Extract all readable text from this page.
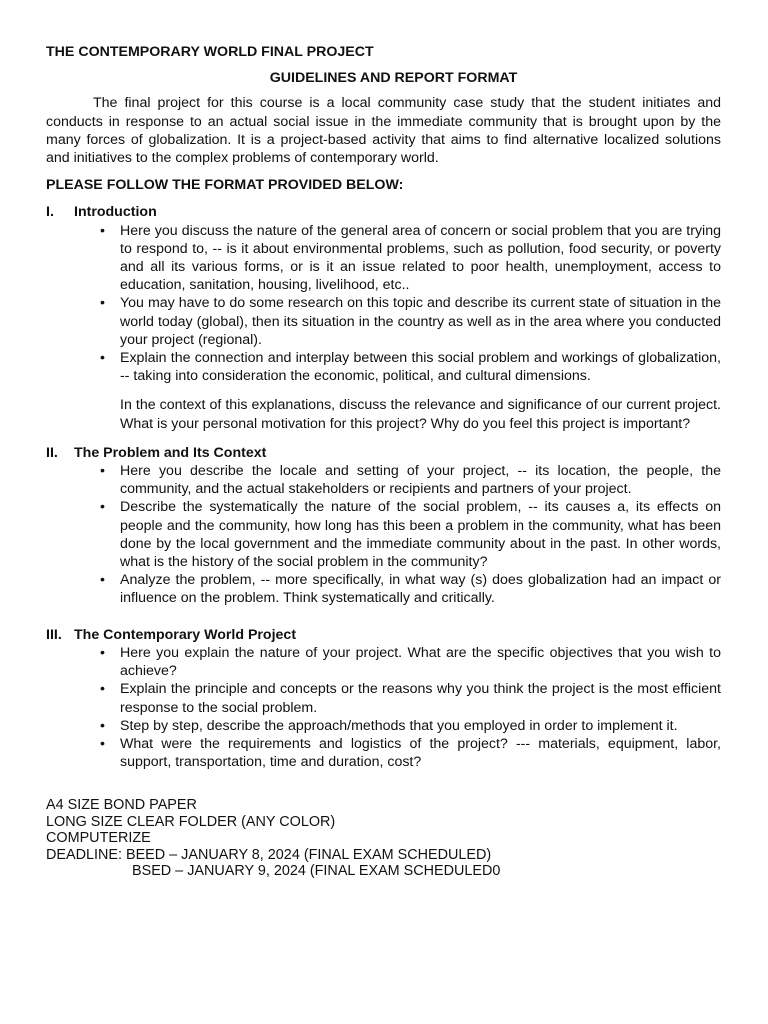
THE CONTEMPORARY WORLD FINAL PROJECT

GUIDELINES AND REPORT FORMAT

The final project for this course is a local community case study that the student initiates and conducts in response to an actual social issue in the immediate community that is brought upon by the many forces of globalization. It is a project-based activity that aims to find alternative localized solutions and initiatives to the complex problems of contemporary world.

PLEASE FOLLOW THE FORMAT PROVIDED BELOW:

I.	Introduction
•	Here you discuss the nature of the general area of concern or social problem that you are trying to respond to, -- is it about environmental problems, such as pollution, food security, or poverty and all its various forms, or is it an issue related to poor health, unemployment, access to education, sanitation, housing, livelihood, etc..
•	You may have to do some research on this topic and describe its current state of situation in the world today (global), then its situation in the country as well as in the area where you conducted your project (regional).
•	Explain the connection and interplay between this social problem and workings of globalization, -- taking into consideration the economic, political, and cultural dimensions.

In the context of this explanations, discuss the relevance and significance of our current project. What is your personal motivation for this project? Why do you feel this project is important?

II.	The Problem and Its Context
•	Here you describe the locale and setting of your project, -- its location, the people, the community, and the actual stakeholders or recipients and partners of your project.
•	Describe the systematically the nature of the social problem, -- its causes a, its effects on people and the community, how long has this been a problem in the community, what has been done by the local government and the immediate community about in the past. In other words, what is the history of the social problem in the community?
•	Analyze the problem, -- more specifically, in what way (s) does globalization had an impact or influence on the problem. Think systematically and critically.
III. The Contemporary World Project
•	Here you explain the nature of your project. What are the specific objectives that you wish to achieve?
•	Explain the principle and concepts or the reasons why you think the project is the most efficient response to the social problem.
•	Step by step, describe the approach/methods that you employed in order to implement it.
•	What were the requirements and logistics of the project? --- materials, equipment, labor, support, transportation, time and duration, cost?
A4 SIZE BOND PAPER
LONG SIZE CLEAR FOLDER (ANY COLOR)
COMPUTERIZE
DEADLINE: BEED – JANUARY 8, 2024 (FINAL EXAM SCHEDULED)
BSED – JANUARY 9, 2024 (FINAL EXAM SCHEDULED0
